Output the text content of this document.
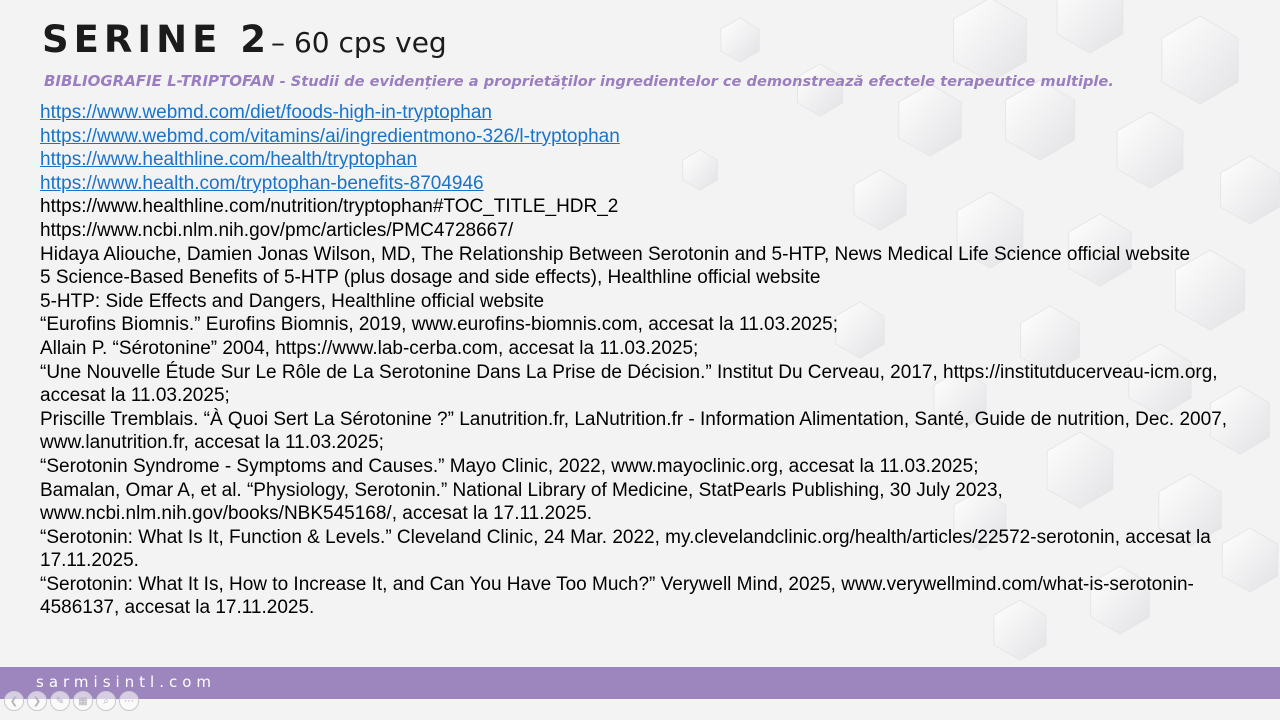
SERINE 2– 60 cps veg
BIBLIOGRAFIE L-TRIPTOFAN - Studii de evidențiere a proprietăților ingredientelor ce demonstrează efectele terapeutice multiple.

https://www.webmd.com/diet/foods-high-in-tryptophan

https://www.webmd.com/vitamins/ai/ingredientmono-326/l-tryptophan

https://www.healthline.com/health/tryptophan

https://www.health.com/tryptophan-benefits-8704946

https://www.healthline.com/nutrition/tryptophan#TOC_TITLE_HDR_2

https://www.ncbi.nlm.nih.gov/pmc/articles/PMC4728667/

Hidaya Aliouche, Damien Jonas Wilson, MD, The Relationship Between Serotonin and 5-HTP, News Medical Life Science official website

5 Science-Based Benefits of 5-HTP (plus dosage and side effects), Healthline official website

5-HTP: Side Effects and Dangers, Healthline official website

“Eurofins Biomnis.” Eurofins Biomnis, 2019, www.eurofins-biomnis.com, accesat la 11.03.2025;

Allain P. “Sérotonine” 2004, https://www.lab-cerba.com, accesat la 11.03.2025;

“Une Nouvelle Étude Sur Le Rôle de La Serotonine Dans La Prise de Décision.” Institut Du Cerveau, 2017, https://institutducerveau-icm.org, accesat la 11.03.2025;

Priscille Tremblais. “À Quoi Sert La Sérotonine ?” Lanutrition.fr, LaNutrition.fr - Information Alimentation, Santé, Guide de nutrition, Dec. 2007, www.lanutrition.fr, accesat la 11.03.2025;

“Serotonin Syndrome - Symptoms and Causes.” Mayo Clinic, 2022, www.mayoclinic.org, accesat la 11.03.2025;

Bamalan, Omar A, et al. “Physiology, Serotonin.” National Library of Medicine, StatPearls Publishing, 30 July 2023, www.ncbi.nlm.nih.gov/books/NBK545168/, accesat la 17.11.2025.

“Serotonin: What Is It, Function & Levels.” Cleveland Clinic, 24 Mar. 2022, my.clevelandclinic.org/health/articles/22572-serotonin, accesat la 17.11.2025.

“Serotonin: What It Is, How to Increase It, and Can You Have Too Much?” Verywell Mind, 2025, www.verywellmind.com/what-is-serotonin-4586137, accesat la 17.11.2025.

sarmisintl.com
❮	❯	✎	▦	⌕	⋯
